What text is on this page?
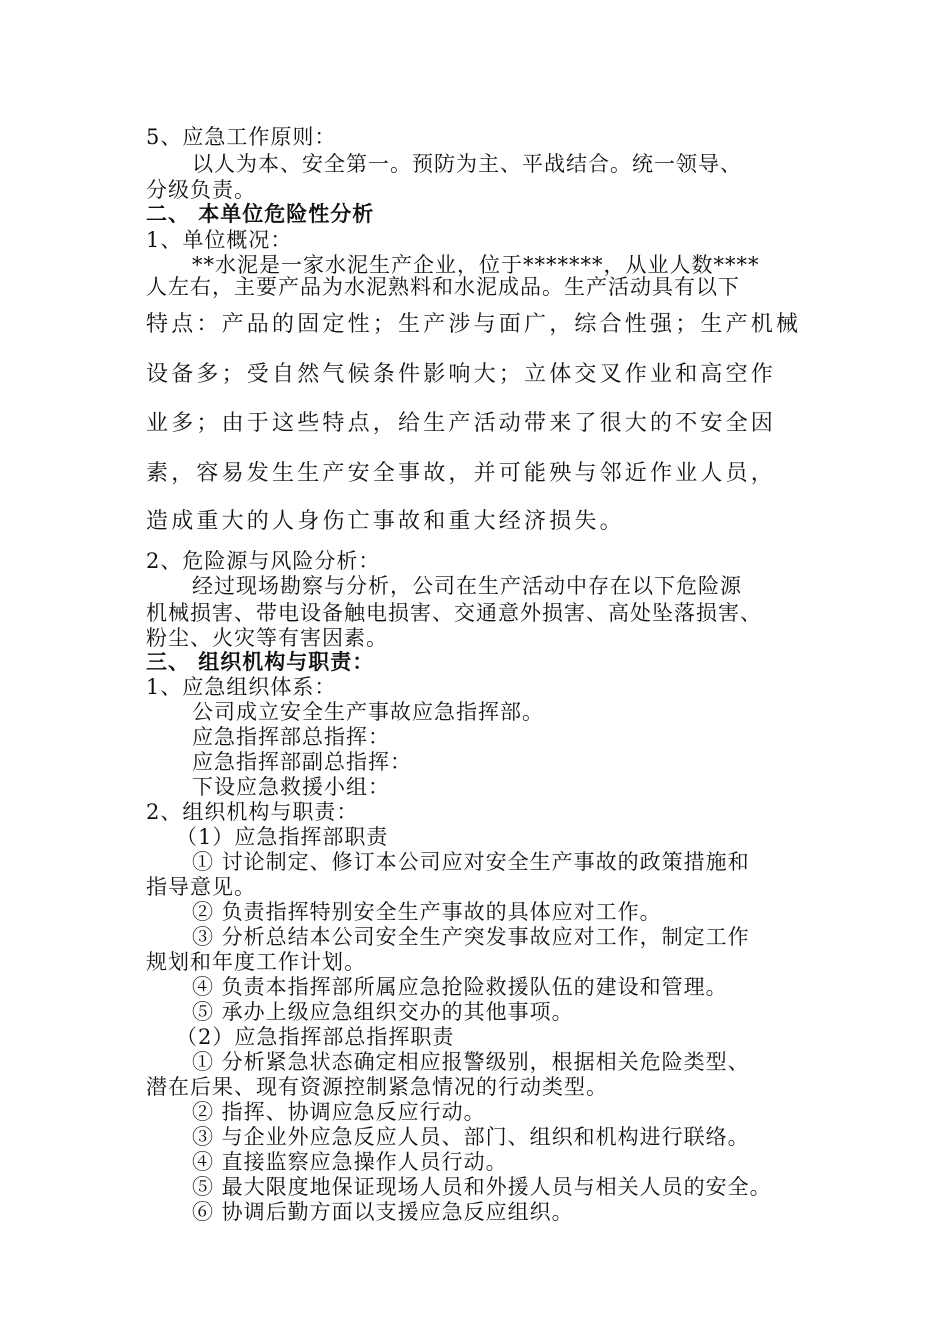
5、应急工作原则：
以人为本、安全第一。预防为主、平战结合。统一领导、
分级负责。
二、 本单位危险性分析
1、单位概况：
**水泥是一家水泥生产企业，位于*******，从业人数****
人左右，主要产品为水泥熟料和水泥成品。生产活动具有以下
特点：产品的固定性；生产涉与面广，综合性强；生产机械
设备多；受自然气候条件影响大；立体交叉作业和高空作
业多；由于这些特点，给生产活动带来了很大的不安全因
素，容易发生生产安全事故，并可能殃与邻近作业人员，
造成重大的人身伤亡事故和重大经济损失。
2、危险源与风险分析：
经过现场勘察与分析，公司在生产活动中存在以下危险源
机械损害、带电设备触电损害、交通意外损害、高处坠落损害、
粉尘、火灾等有害因素。
三、 组织机构与职责：
1、应急组织体系：
公司成立安全生产事故应急指挥部。
应急指挥部总指挥：
应急指挥部副总指挥：
下设应急救援小组：
2、组织机构与职责：
（1）应急指挥部职责
① 讨论制定、修订本公司应对安全生产事故的政策措施和
指导意见。
② 负责指挥特别安全生产事故的具体应对工作。
③ 分析总结本公司安全生产突发事故应对工作，制定工作
规划和年度工作计划。
④ 负责本指挥部所属应急抢险救援队伍的建设和管理。
⑤ 承办上级应急组织交办的其他事项。
（2）应急指挥部总指挥职责
① 分析紧急状态确定相应报警级别，根据相关危险类型、
潜在后果、现有资源控制紧急情况的行动类型。
② 指挥、协调应急反应行动。
③ 与企业外应急反应人员、部门、组织和机构进行联络。
④ 直接监察应急操作人员行动。
⑤ 最大限度地保证现场人员和外援人员与相关人员的安全。
⑥ 协调后勤方面以支援应急反应组织。
